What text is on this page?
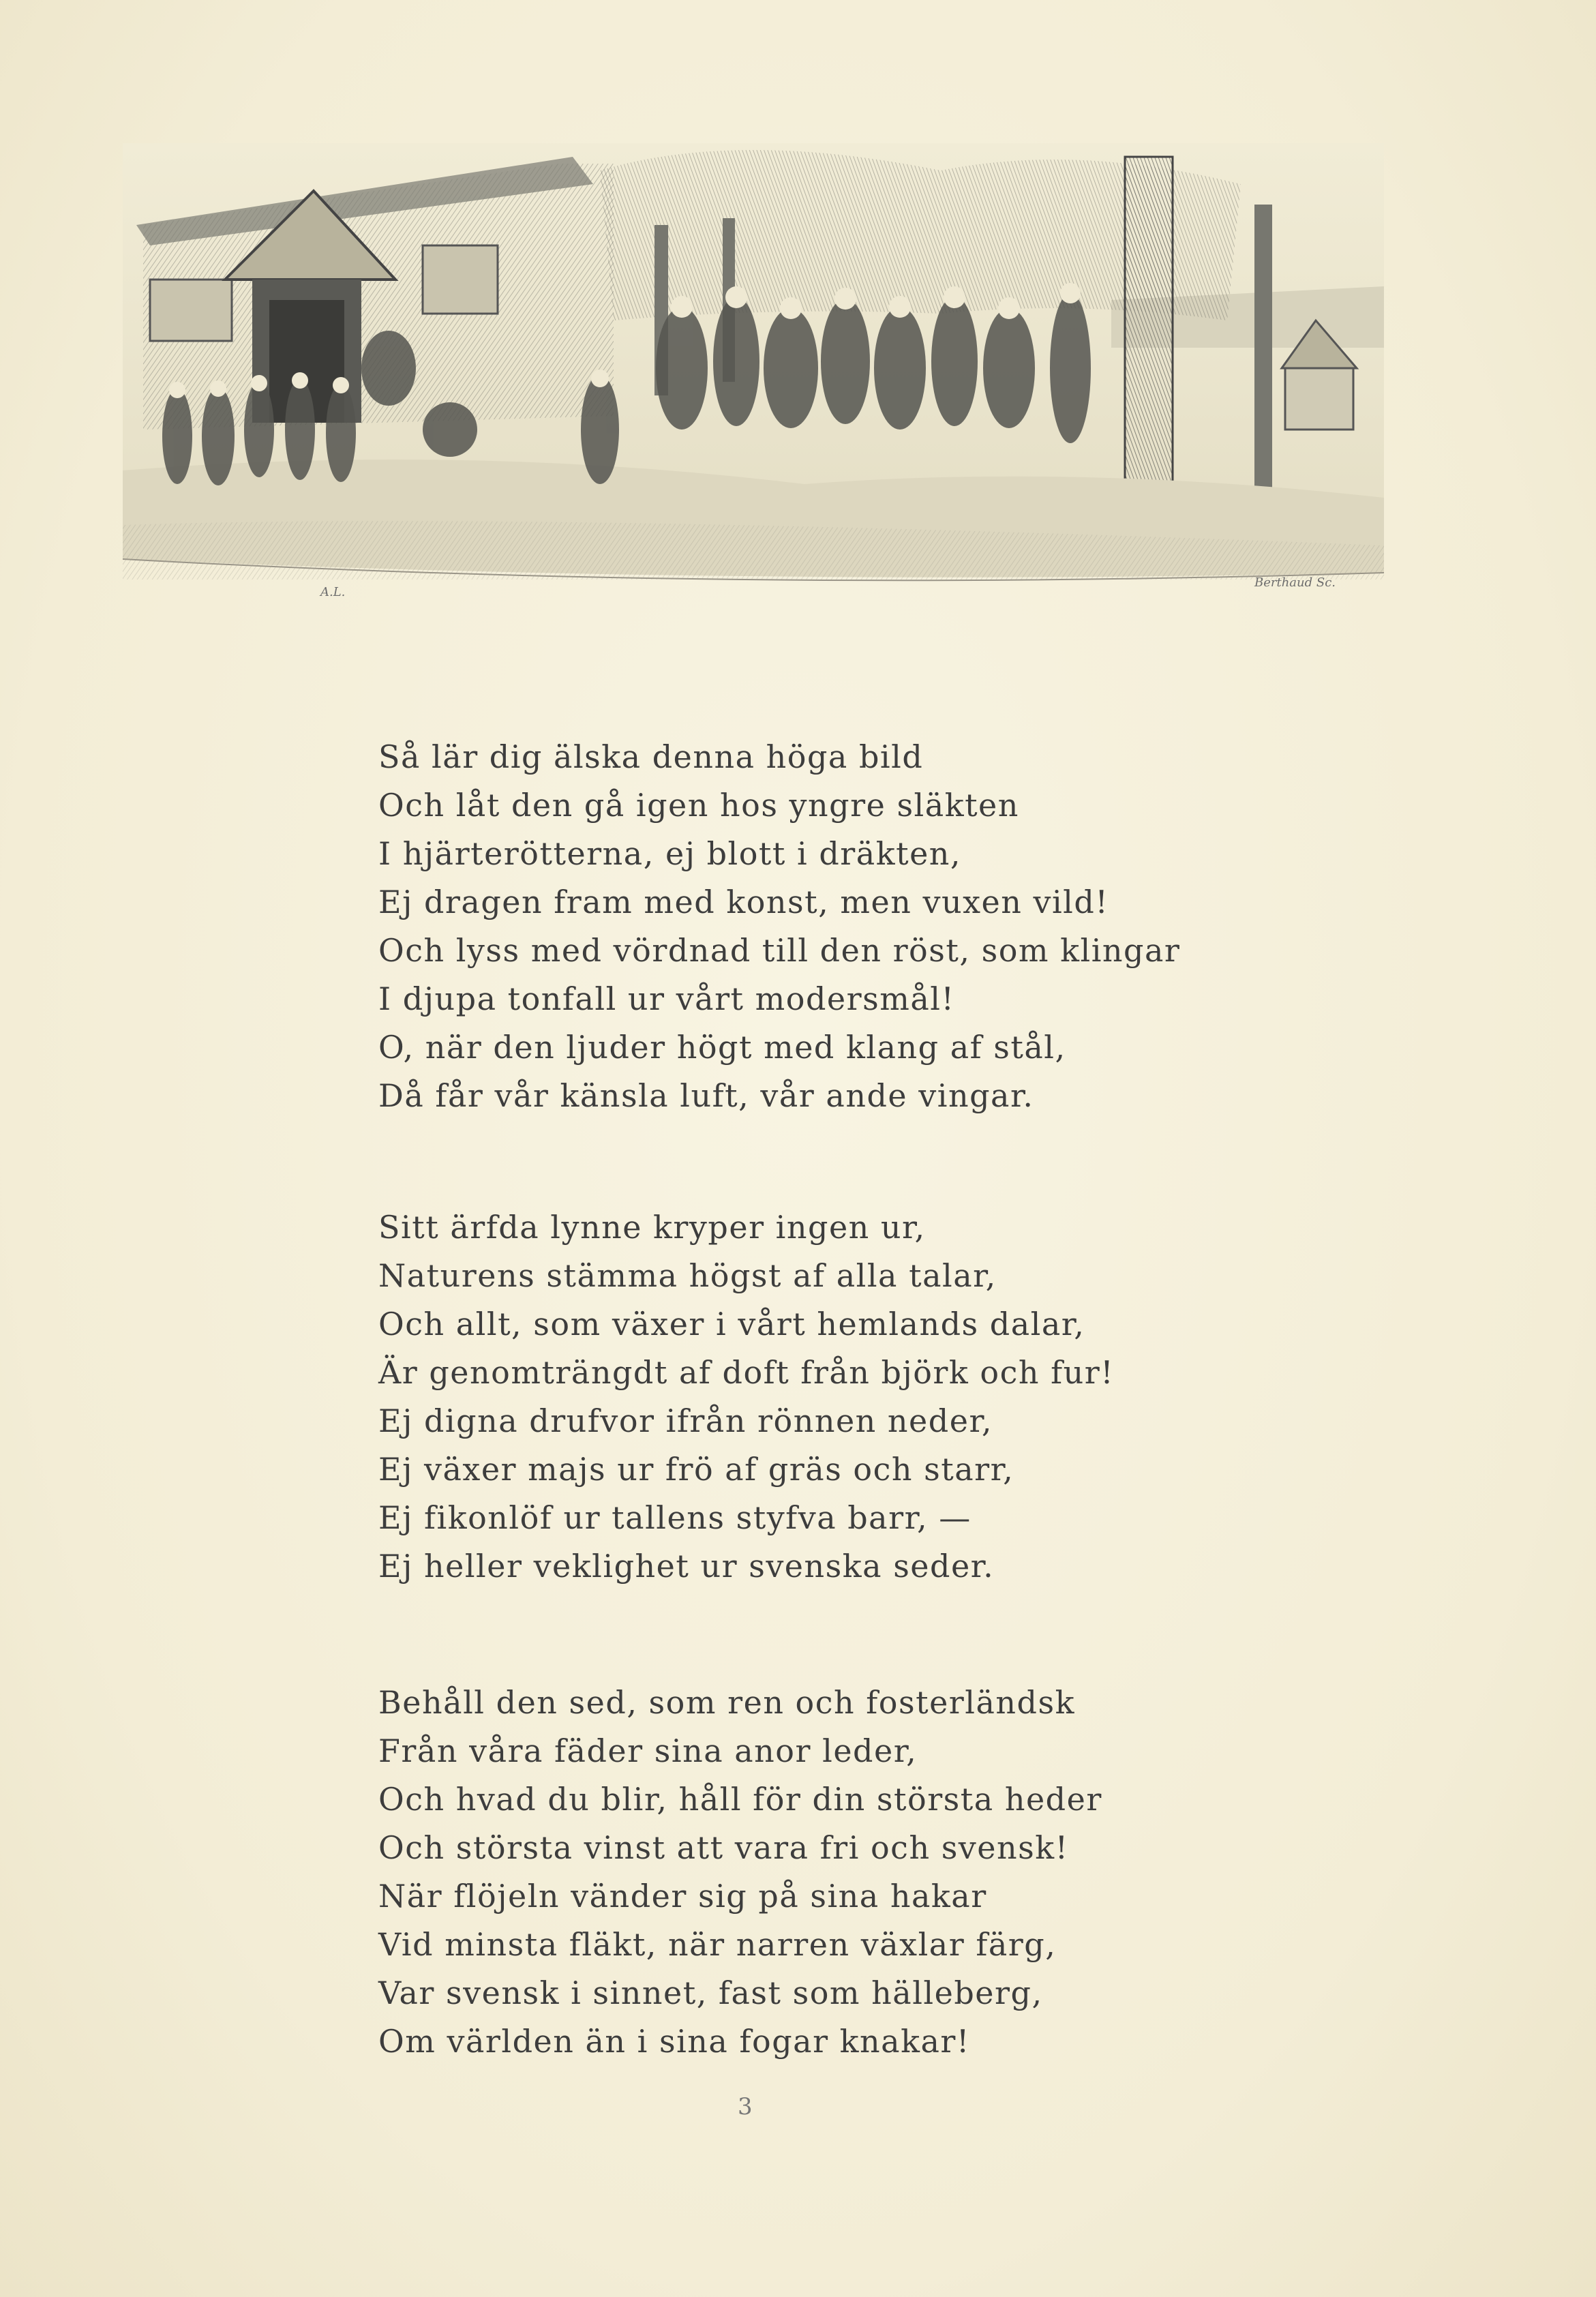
A.L.
Berthaud Sc.
Så lär dig älska denna höga bild
Och låt den gå igen hos yngre släkten
I hjärterötterna, ej blott i dräkten,
Ej dragen fram med konst, men vuxen vild!
Och lyss med vördnad till den röst, som klingar
I djupa tonfall ur vårt modersmål!
O, när den ljuder högt med klang af stål,
Då får vår känsla luft, vår ande vingar.
Sitt ärfda lynne kryper ingen ur,
Naturens stämma högst af alla talar,
Och allt, som växer i vårt hemlands dalar,
Är genomträngdt af doft från björk och fur!
Ej digna drufvor ifrån rönnen neder,
Ej växer majs ur frö af gräs och starr,
Ej fikonlöf ur tallens styfva barr, —
Ej heller veklighet ur svenska seder.
Behåll den sed, som ren och fosterländsk
Från våra fäder sina anor leder,
Och hvad du blir, håll för din största heder
Och största vinst att vara fri och svensk!
När flöjeln vänder sig på sina hakar
Vid minsta fläkt, när narren växlar färg,
Var svensk i sinnet, fast som hälleberg,
Om världen än i sina fogar knakar!
3
